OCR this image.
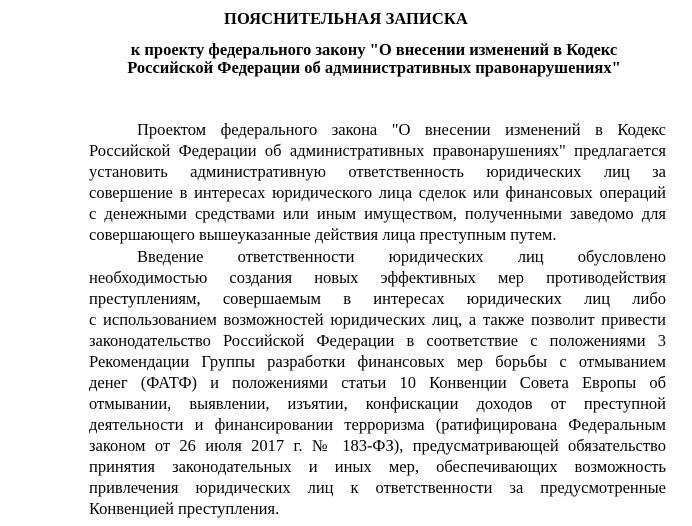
ПОЯСНИТЕЛЬНАЯ ЗАПИСКА
к проекту федерального закону "О внесении изменений в Кодекс
Российской Федерации об административных правонарушениях"
Проектом федерального закона "О внесении изменений в Кодекс
Российской Федерации об административных правонарушениях" предлагается
установить административную ответственность юридических лиц за
совершение в интересах юридического лица сделок или финансовых операций
с денежными средствами или иным имуществом, полученными заведомо для
совершающего вышеуказанные действия лица преступным путем.
Введение ответственности юридических лиц обусловлено
необходимостью создания новых эффективных мер противодействия
преступлениям, совершаемым в интересах юридических лиц либо
с использованием возможностей юридических лиц, а также позволит привести
законодательство Российской Федерации в соответствие с положениями 3
Рекомендации Группы разработки финансовых мер борьбы с отмыванием
денег (ФАТФ) и положениями статьи 10 Конвенции Совета Европы об
отмывании, выявлении, изъятии, конфискации доходов от преступной
деятельности и финансировании терроризма (ратифицирована Федеральным
законом от 26 июля 2017 г. № 183-ФЗ), предусматривающей обязательство
принятия законодательных и иных мер, обеспечивающих возможность
привлечения юридических лиц к ответственности за предусмотренные
Конвенцией преступления.
